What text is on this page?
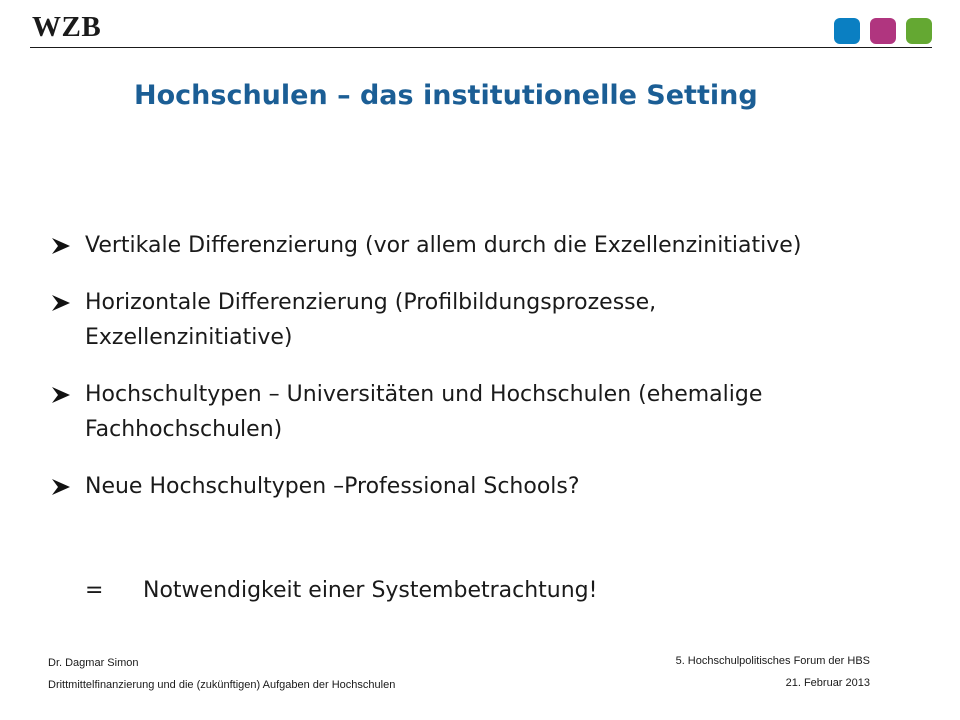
WZB
Hochschulen – das institutionelle Setting
Vertikale Differenzierung (vor allem durch die Exzellenzinitiative)
Horizontale Differenzierung (Profilbildungsprozesse, Exzellenzinitiative)
Hochschultypen – Universitäten und Hochschulen (ehemalige Fachhochschulen)
Neue Hochschultypen –Professional Schools?
= Notwendigkeit einer Systembetrachtung!
Dr. Dagmar Simon
Drittmittelfinanzierung und die (zukünftigen) Aufgaben der Hochschulen
5. Hochschulpolitisches Forum der HBS
21. Februar 2013
